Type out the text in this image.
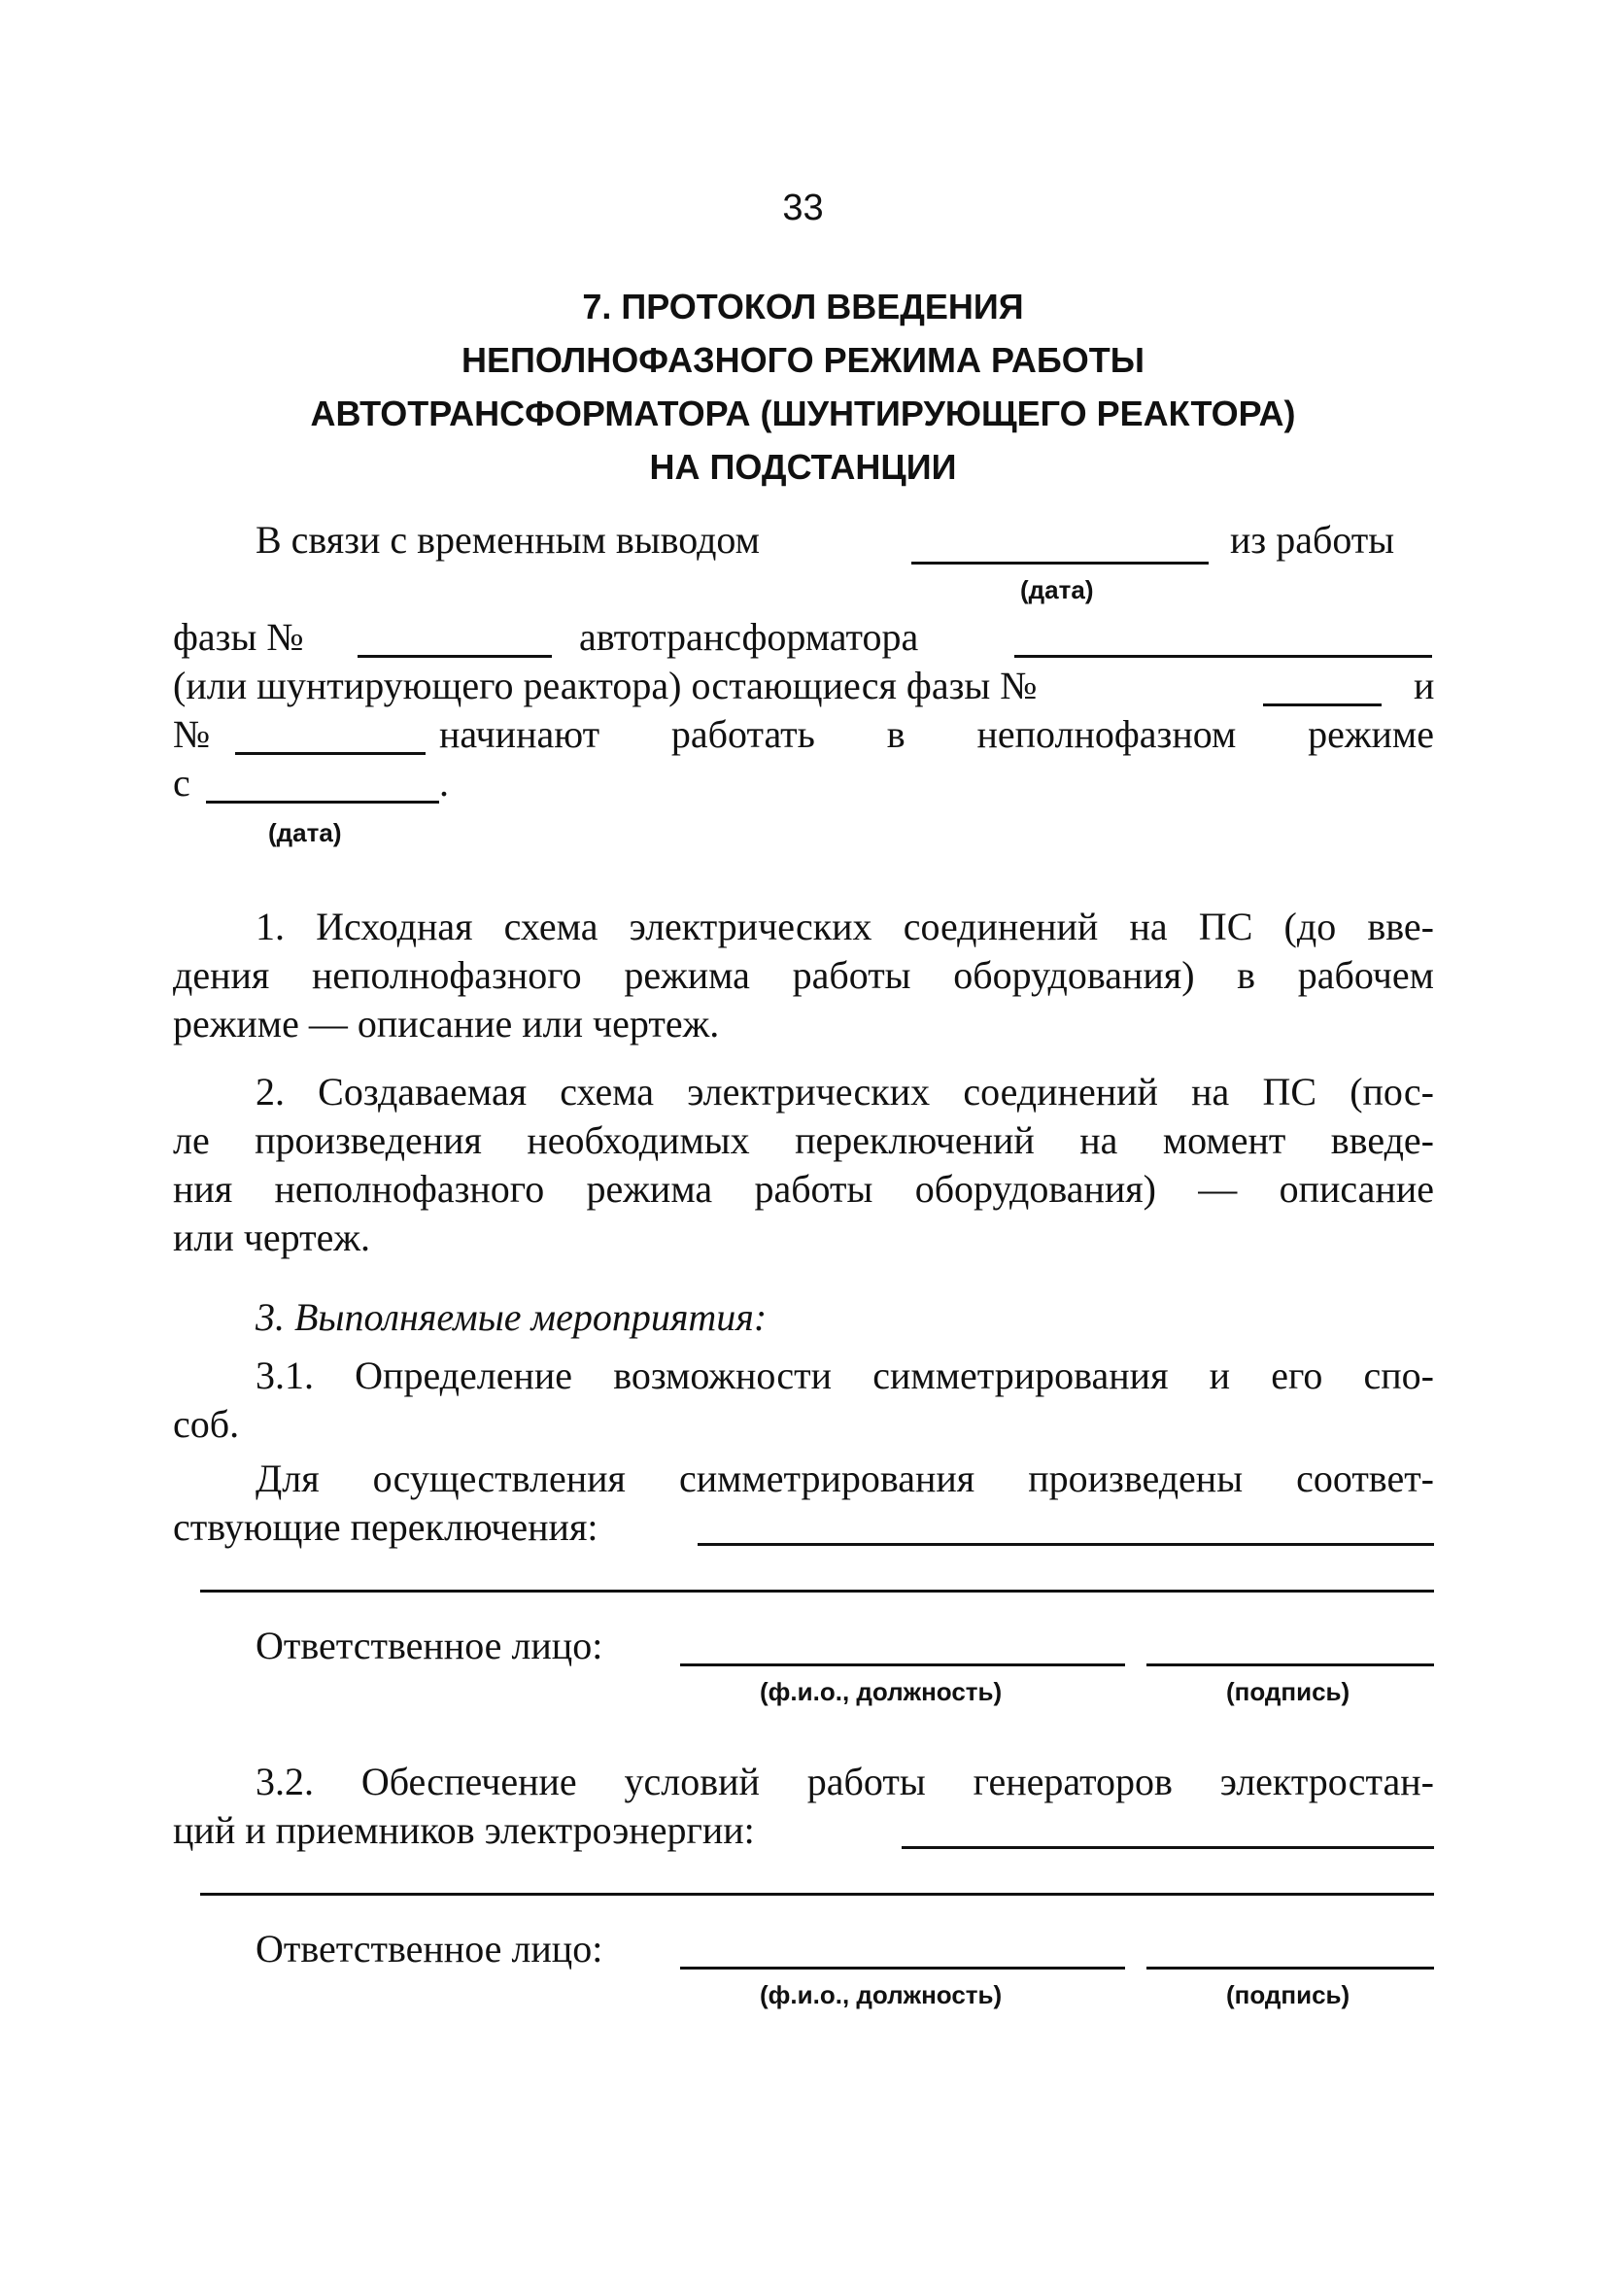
33
7. ПРОТОКОЛ ВВЕДЕНИЯ
НЕПОЛНОФАЗНОГО РЕЖИМА РАБОТЫ
АВТОТРАНСФОРМАТОРА (ШУНТИРУЮЩЕГО РЕАКТОРА)
НА ПОДСТАНЦИИ
В связи с временным выводом	из работы
(дата)
фазы №	автотрансформатора
(или шунтирующего реактора) остающиеся фазы №	и
№	начинают работать в неполнофазном режиме
с	.
(дата)
1. Исходная схема электрических соединений на ПС (до вве-
дения неполнофазного режима работы оборудования) в рабочем
режиме — описание или чертеж.
2. Создаваемая схема электрических соединений на ПС (пос-
ле произведения необходимых переключений на момент введе-
ния неполнофазного режима работы оборудования) — описание
или чертеж.
3. Выполняемые мероприятия:
3.1. Определение возможности симметрирования и его спо-
соб.
Для осуществления симметрирования произведены соответ-
ствующие переключения:
Ответственное лицо:
(ф.и.о., должность)	(подпись)
3.2. Обеспечение условий работы генераторов электростан-
ций и приемников электроэнергии:
Ответственное лицо:
(ф.и.о., должность)	(подпись)
